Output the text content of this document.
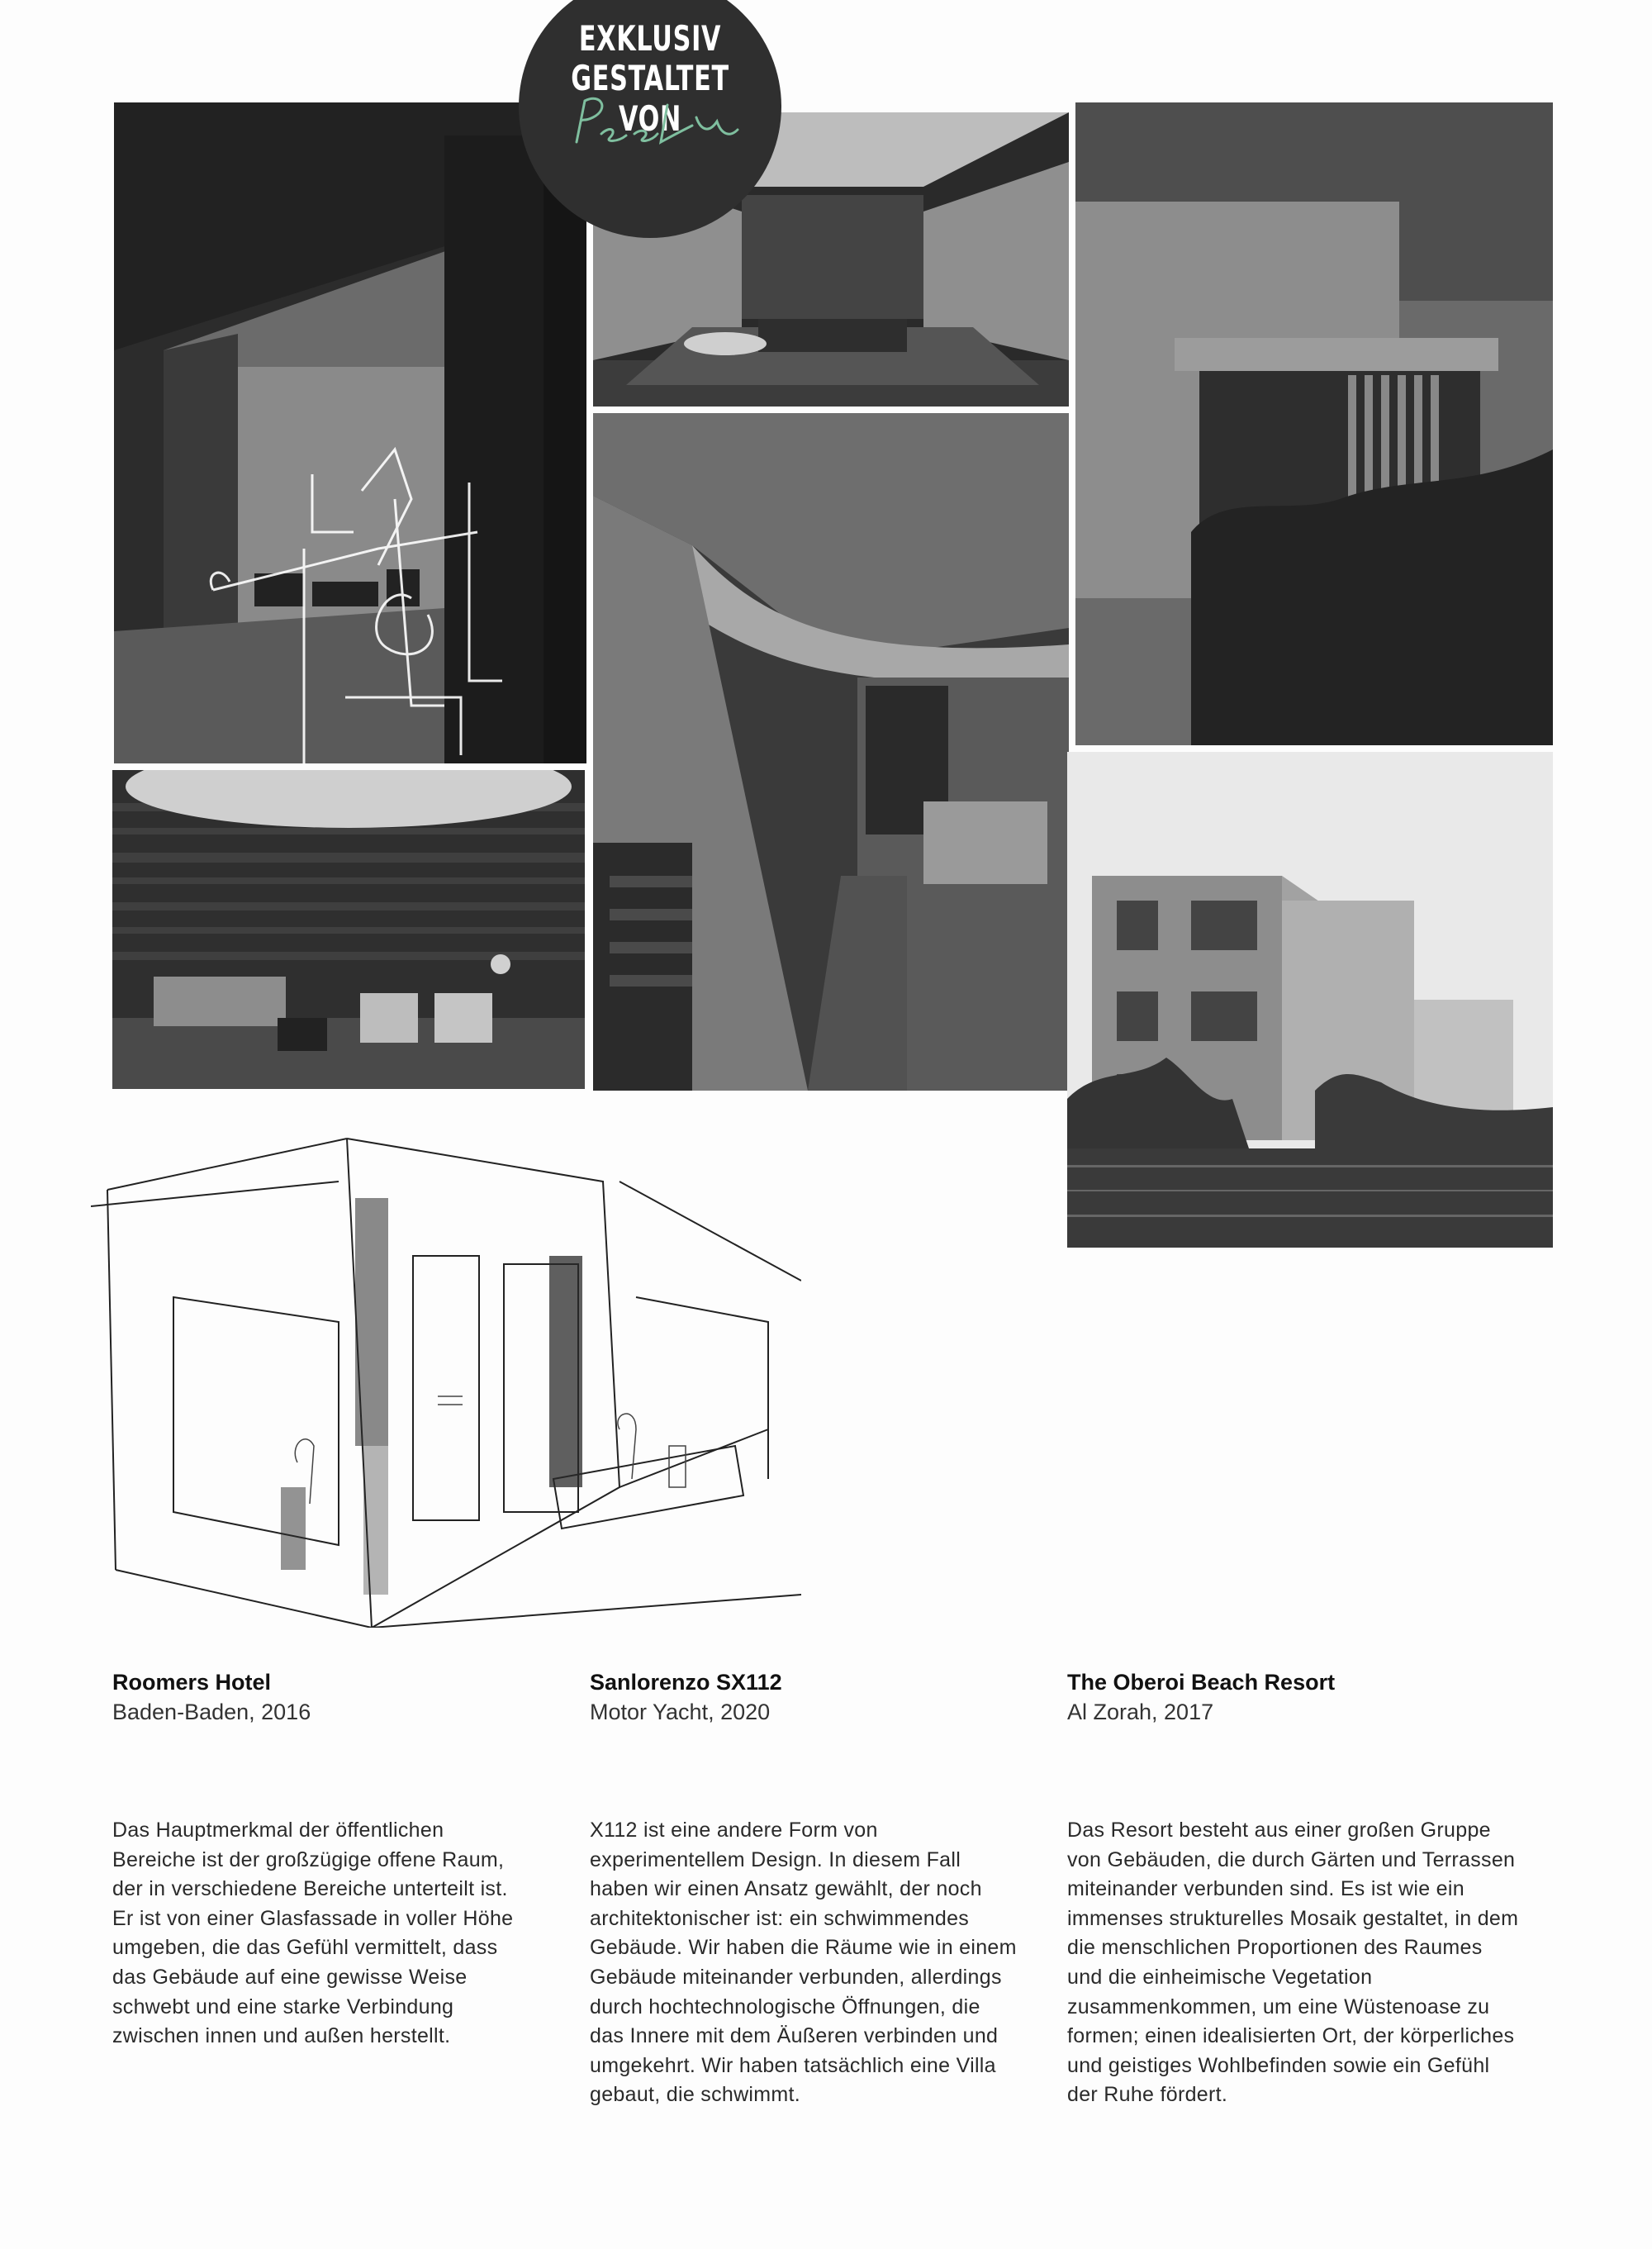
EXKLUSIV
GESTALTET VON
Roomers Hotel
Baden-Baden, 2016
Sanlorenzo SX112
Motor Yacht, 2020
The Oberoi Beach Resort
Al Zorah, 2017
Das Hauptmerkmal der öffentlichen Bereiche ist der großzügige offene Raum, der in verschiedene Bereiche unterteilt ist. Er ist von einer Glasfassade in voller Höhe umgeben, die das Gefühl vermittelt, dass das Gebäude auf eine gewisse Weise schwebt und eine starke Verbindung zwischen innen und außen herstellt.
X112 ist eine andere Form von experimentellem Design. In diesem Fall haben wir einen Ansatz gewählt, der noch architektonischer ist: ein schwimmendes Gebäude. Wir haben die Räume wie in einem Gebäude miteinander verbunden, allerdings durch hochtechnologische Öffnungen, die das Innere mit dem Äußeren verbinden und umgekehrt. Wir haben tatsächlich eine Villa gebaut, die schwimmt.
Das Resort besteht aus einer großen Gruppe von Gebäuden, die durch Gärten und Terrassen miteinander verbunden sind. Es ist wie ein immenses strukturelles Mosaik gestaltet, in dem die menschlichen Proportionen des Raumes und die einheimische Vegetation zusammenkommen, um eine Wüstenoase zu formen; einen idealisierten Ort, der körperliches und geistiges Wohlbefinden sowie ein Gefühl der Ruhe fördert.
